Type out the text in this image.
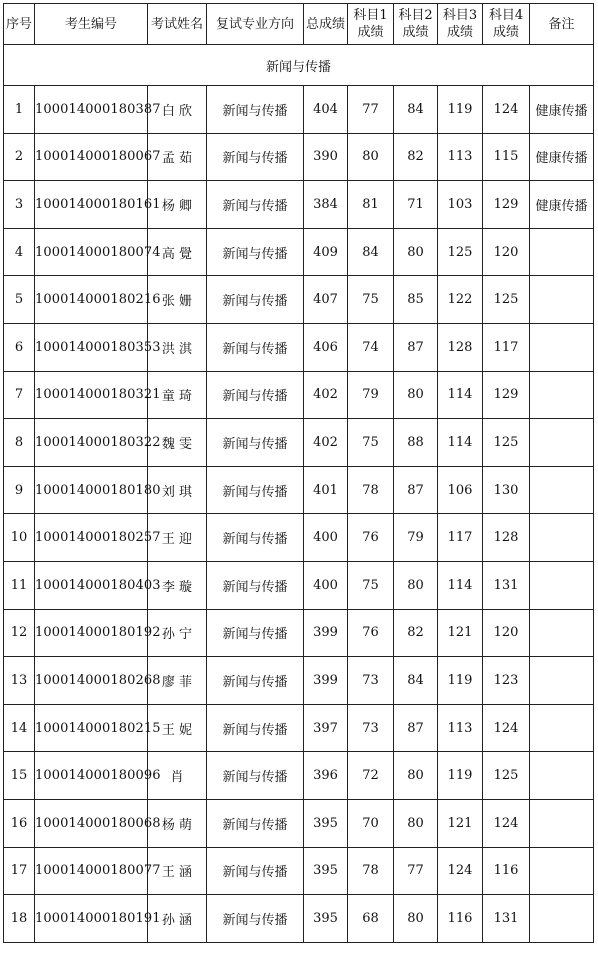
序号	考生编号	考试姓名	复试专业方向	总成绩	科目1成绩	科目2成绩	科目3成绩	科目4成绩	备注
新闻与传播									
1	100014000180387	白 欣	新闻与传播	404	77	84	119	124	健康传播
2	100014000180067	孟 茹	新闻与传播	390	80	82	113	115	健康传播
3	100014000180161	杨 卿	新闻与传播	384	81	71	103	129	健康传播
4	100014000180074	高 覺	新闻与传播	409	84	80	125	120	
5	100014000180216	张 姗	新闻与传播	407	75	85	122	125	
6	100014000180353	洪 淇	新闻与传播	406	74	87	128	117	
7	100014000180321	童 琦	新闻与传播	402	79	80	114	129	
8	100014000180322	魏 雯	新闻与传播	402	75	88	114	125	
9	100014000180180	刘 琪	新闻与传播	401	78	87	106	130	
10	100014000180257	王 迎	新闻与传播	400	76	79	117	128	
11	100014000180403	李 璇	新闻与传播	400	75	80	114	131	
12	100014000180192	孙 宁	新闻与传播	399	76	82	121	120	
13	100014000180268	廖 菲	新闻与传播	399	73	84	119	123	
14	100014000180215	王 妮	新闻与传播	397	73	87	113	124	
15	100014000180096	肖	新闻与传播	396	72	80	119	125	
16	100014000180068	杨 萌	新闻与传播	395	70	80	121	124	
17	100014000180077	王 涵	新闻与传播	395	78	77	124	116	
18	100014000180191	孙 涵	新闻与传播	395	68	80	116	131	
